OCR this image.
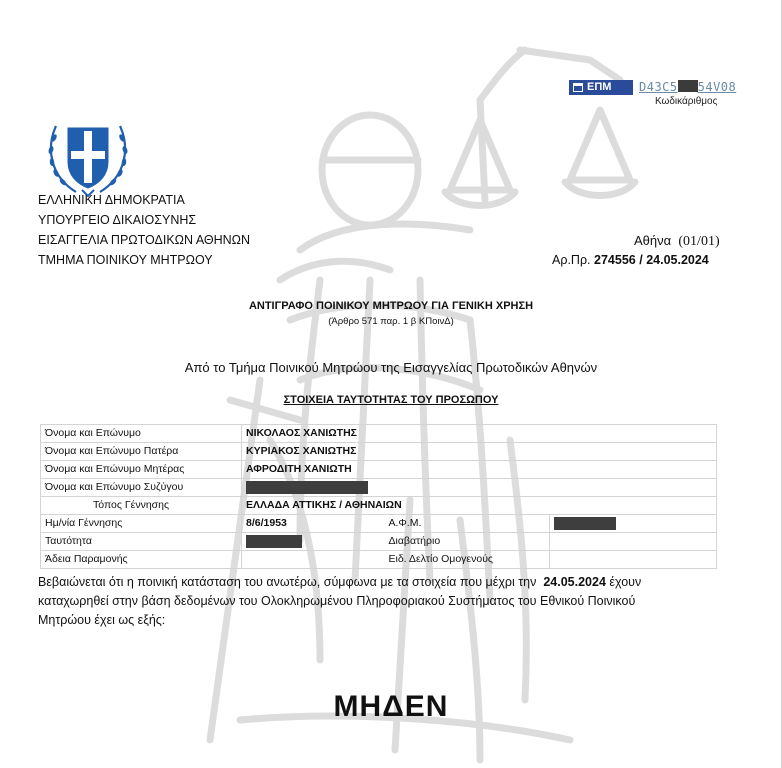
ΕΠΜ	D43C5 54V08
Κωδικάριθμος
ΕΛΛΗΝΙΚΗ ΔΗΜΟΚΡΑΤΙΑ
ΥΠΟΥΡΓΕΙΟ ΔΙΚΑΙΟΣΥΝΗΣ
ΕΙΣΑΓΓΕΛΙΑ ΠΡΩΤΟΔΙΚΩΝ ΑΘΗΝΩΝ
ΤΜΗΜΑ ΠΟΙΝΙΚΟΥ ΜΗΤΡΩΟΥ
Αθήνα (01/01)
Αρ.Πρ. 274556 / 24.05.2024
ΑΝΤΙΓΡΑΦΟ ΠΟΙΝΙΚΟΥ ΜΗΤΡΩΟΥ ΓΙΑ ΓΕΝΙΚΗ ΧΡΗΣΗ
(Άρθρο 571 παρ. 1 β ΚΠοινΔ)
Από το Τμήμα Ποινικού Μητρώου της Εισαγγελίας Πρωτοδικών Αθηνών
ΣΤΟΙΧΕΙΑ ΤΑΥΤΟΤΗΤΑΣ ΤΟΥ ΠΡΟΣΩΠΟΥ
Όνομα και Επώνυμο	ΝΙΚΟΛΑΟΣ ΧΑΝΙΩΤΗΣ		
Όνομα και Επώνυμο Πατέρα	ΚΥΡΙΑΚΟΣ ΧΑΝΙΩΤΗΣ		
Όνομα και Επώνυμο Μητέρας	ΑΦΡΟΔΙΤΗ ΧΑΝΙΩΤΗ		
Όνομα και Επώνυμο Συζύγου			
Τόπος Γέννησης	ΕΛΛΑΔΑ ΑΤΤΙΚΗΣ / ΑΘΗΝΑΙΩΝ		
Ημ/νία Γέννησης	8/6/1953	Α.Φ.Μ.	
Ταυτότητα		Διαβατήριο	
Άδεια Παραμονής		Ειδ. Δελτίο Ομογενούς	
Βεβαιώνεται ότι η ποινική κατάσταση του ανωτέρω, σύμφωνα με τα στοιχεία που μέχρι την 24.05.2024 έχουν
καταχωρηθεί στην βάση δεδομένων του Ολοκληρωμένου Πληροφοριακού Συστήματος του Εθνικού Ποινικού
Μητρώου έχει ως εξής:
ΜΗΔΕΝ
